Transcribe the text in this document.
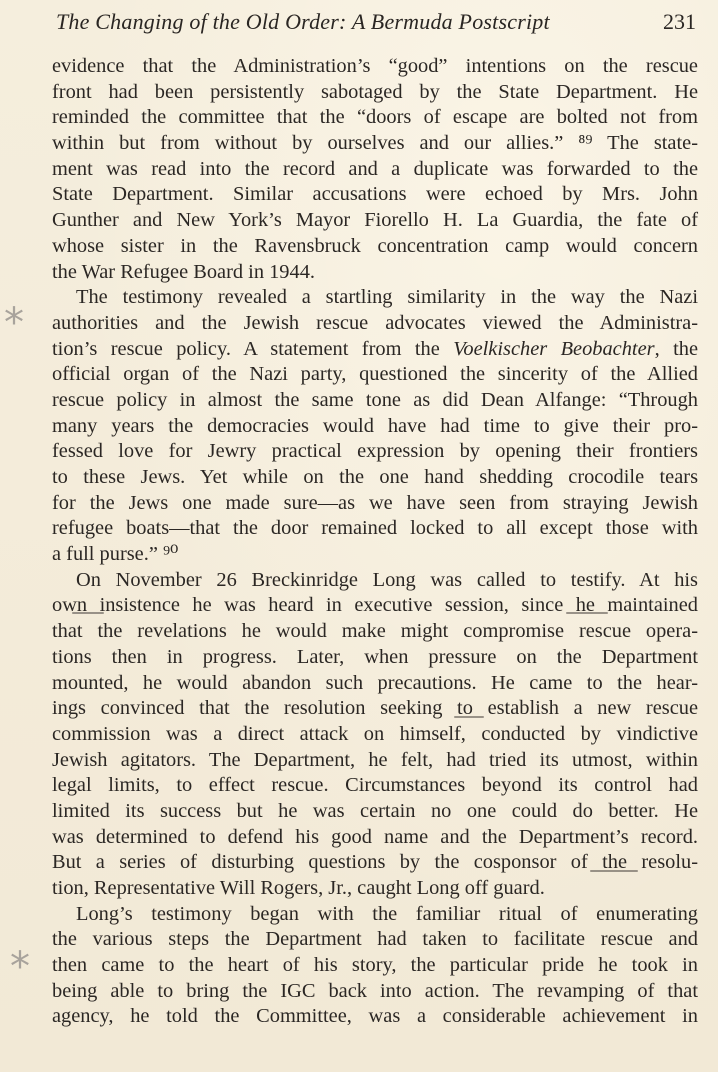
The Changing of the Old Order: A Bermuda Postscript	231
*
*
evidence that the Administration’s “good” intentions on the rescue
front had been persistently sabotaged by the State Department. He
reminded the committee that the “doors of escape are bolted not from
within but from without by ourselves and our allies.” ⁸⁹ The state-
ment was read into the record and a duplicate was forwarded to the
State Department. Similar accusations were echoed by Mrs. John
Gunther and New York’s Mayor Fiorello H. La Guardia, the fate of
whose sister in the Ravensbruck concentration camp would concern
the War Refugee Board in 1944.
The testimony revealed a startling similarity in the way the Nazi
authorities and the Jewish rescue advocates viewed the Administra-
tion’s rescue policy. A statement from the Voelkischer Beobachter, the
official organ of the Nazi party, questioned the sincerity of the Allied
rescue policy in almost the same tone as did Dean Alfange: “Through
many years the democracies would have had time to give their pro-
fessed love for Jewry practical expression by opening their frontiers
to these Jews. Yet while on the one hand shedding crocodile tears
for the Jews one made sure—as we have seen from straying Jewish
refugee boats—that the door remained locked to all except those with
a full purse.” ⁹⁰
On November 26 Breckinridge Long was called to testify. At his
own insistence he was heard in executive session, since he maintained
that the revelations he would make might compromise rescue opera-
tions then in progress. Later, when pressure on the Department
mounted, he would abandon such precautions. He came to the hear-
ings convinced that the resolution seeking to establish a new rescue
commission was a direct attack on himself, conducted by vindictive
Jewish agitators. The Department, he felt, had tried its utmost, within
legal limits, to effect rescue. Circumstances beyond its control had
limited its success but he was certain no one could do better. He
was determined to defend his good name and the Department’s record.
But a series of disturbing questions by the cosponsor of the resolu-
tion, Representative Will Rogers, Jr., caught Long off guard.
Long’s testimony began with the familiar ritual of enumerating
the various steps the Department had taken to facilitate rescue and
then came to the heart of his story, the particular pride he took in
being able to bring the IGC back into action. The revamping of that
agency, he told the Committee, was a considerable achievement in
